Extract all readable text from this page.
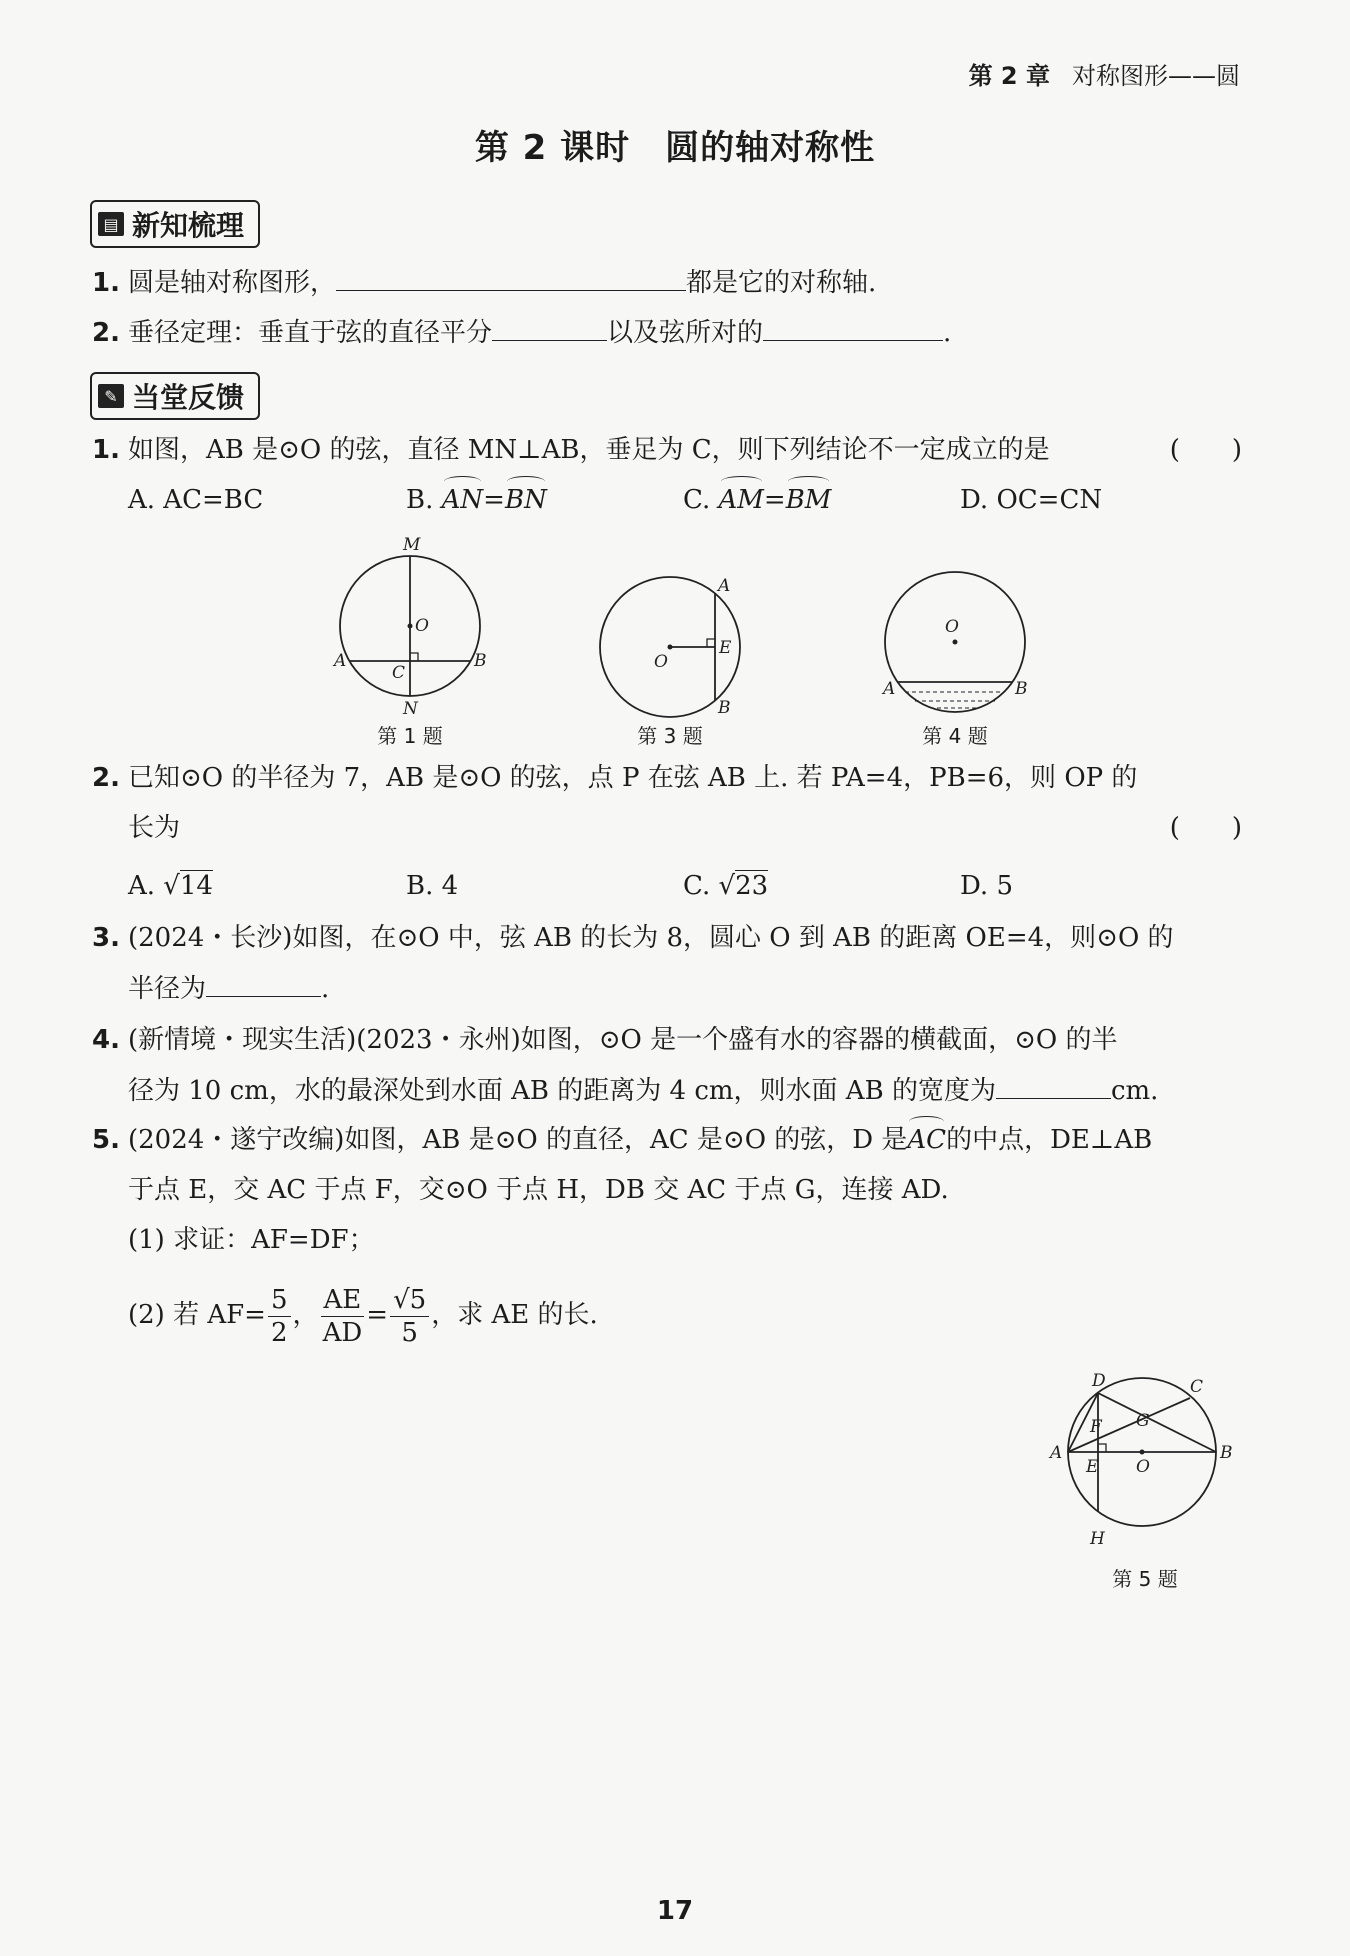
第 2 章 对称图形——圆
第 2 课时　圆的轴对称性
▤ 新知梳理
1. 圆是轴对称图形，	都是它的对称轴.
2. 垂径定理：垂直于弦的直径平分	以及弦所对的	.
✎ 当堂反馈
1. 如图，AB 是⊙O 的弦，直径 MN⊥AB，垂足为 C，则下列结论不一定成立的是	(　　)
A. AC=BC	B. AN=BN	C. AM=BM	D. OC=CN
M
O
A
C
B
N
第 1 题
A
E
O
B
第 3 题
O
A	B
第 4 题
2. 已知⊙O 的半径为 7，AB 是⊙O 的弦，点 P 在弦 AB 上. 若 PA=4，PB=6，则 OP 的
长为	(　　)
A. √14	B. 4	C. √23	D. 5
3. (2024・长沙)如图，在⊙O 中，弦 AB 的长为 8，圆心 O 到 AB 的距离 OE=4，则⊙O 的
半径为	.
4. (新情境・现实生活)(2023・永州)如图，⊙O 是一个盛有水的容器的横截面，⊙O 的半
径为 10 cm，水的最深处到水面 AB 的距离为 4 cm，则水面 AB 的宽度为	cm.
5. (2024・遂宁改编)如图，AB 是⊙O 的直径，AC 是⊙O 的弦，D 是AC的中点，DE⊥AB
于点 E，交 AC 于点 F，交⊙O 于点 H，DB 交 AC 于点 G，连接 AD.
(1) 求证：AF=DF；
(2) 若 $AF= \frac{5}{2}$ ， $\frac{AE}{AD} = \frac{√5}{5}$ ，求 AE 的长.
D	C
F G
A
E O
B
H
第 5 题
17
